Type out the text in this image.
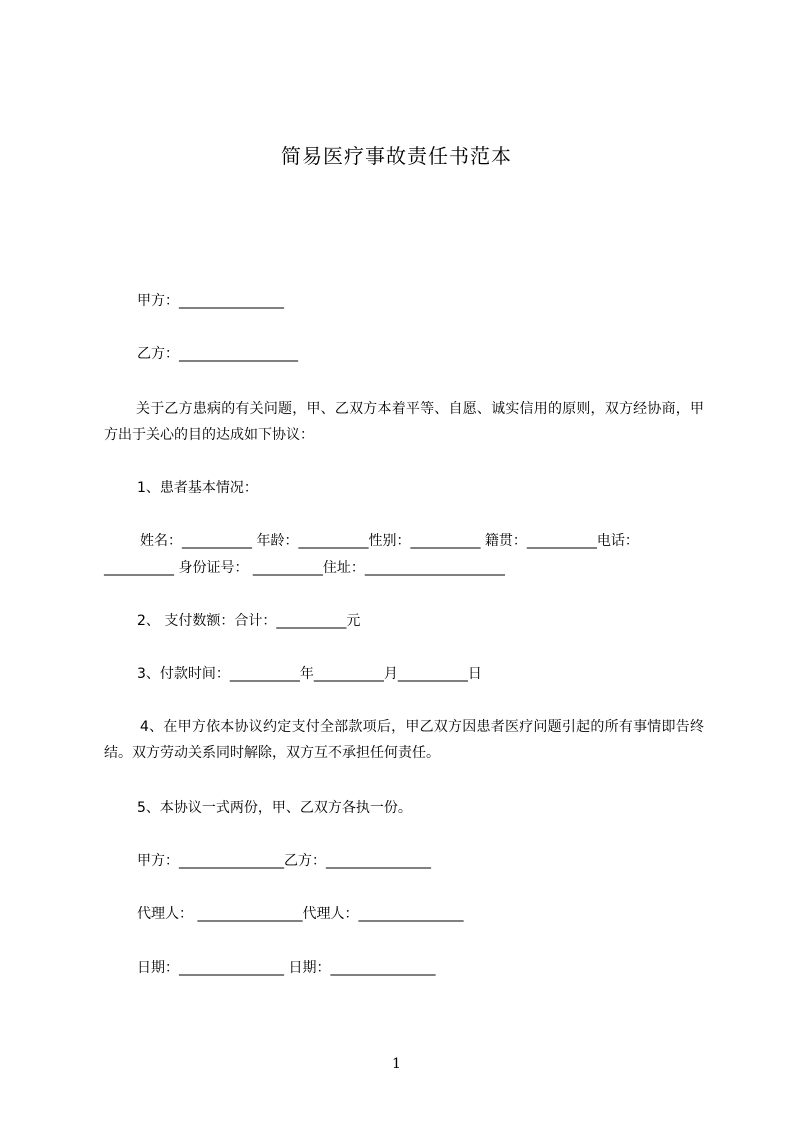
简易医疗事故责任书范本
甲方：_______________
乙方：_________________
关于乙方患病的有关问题，甲、乙双方本着平等、自愿、诚实信用的原则，双方经协商，甲方出于关心的目的达成如下协议：
1、患者基本情况：
姓名：__________ 年龄：__________性别：__________ 籍贯：__________电话：
__________ 身份证号： __________住址：____________________
2、 支付数额：合计：__________元
3、付款时间：__________年__________月__________日
4、在甲方依本协议约定支付全部款项后，甲乙双方因患者医疗问题引起的所有事情即告终结。双方劳动关系同时解除，双方互不承担任何责任。
5、本协议一式两份，甲、乙双方各执一份。
甲方：_______________乙方：_______________
代理人： _______________代理人：_______________
日期：_______________ 日期：_______________
1
